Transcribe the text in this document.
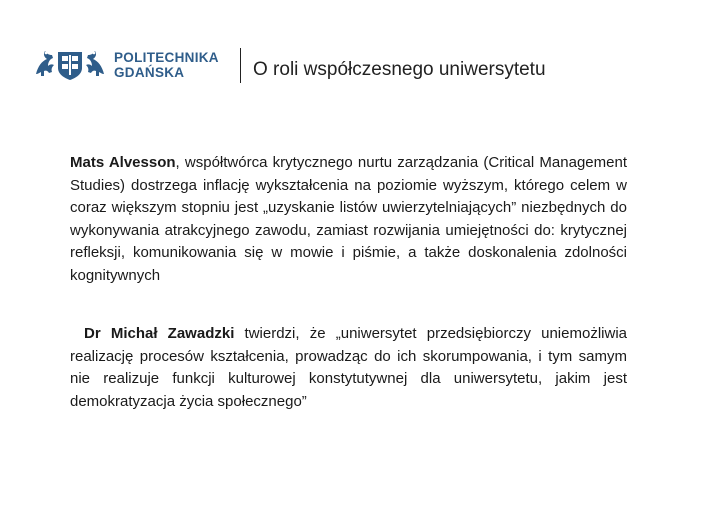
POLITECHNIKA
GDAŃSKA	O roli współczesnego uniwersytetu

Mats Alvesson, współtwórca krytycznego nurtu zarządzania (Critical Management Studies) dostrzega inflację wykształcenia na poziomie wyższym, którego celem w coraz większym stopniu jest „uzyskanie listów uwierzytelniających” niezbędnych do wykonywania atrakcyjnego zawodu, zamiast rozwijania umiejętności do: krytycznej refleksji, komunikowania się w mowie i piśmie, a także doskonalenia zdolności kognitywnych

Dr Michał Zawadzki twierdzi, że „uniwersytet przedsiębiorczy uniemożliwia realizację procesów kształcenia, prowadząc do ich skorumpowania, i tym samym nie realizuje funkcji kulturowej konstytutywnej dla uniwersytetu, jakim jest demokratyzacja życia społecznego”
